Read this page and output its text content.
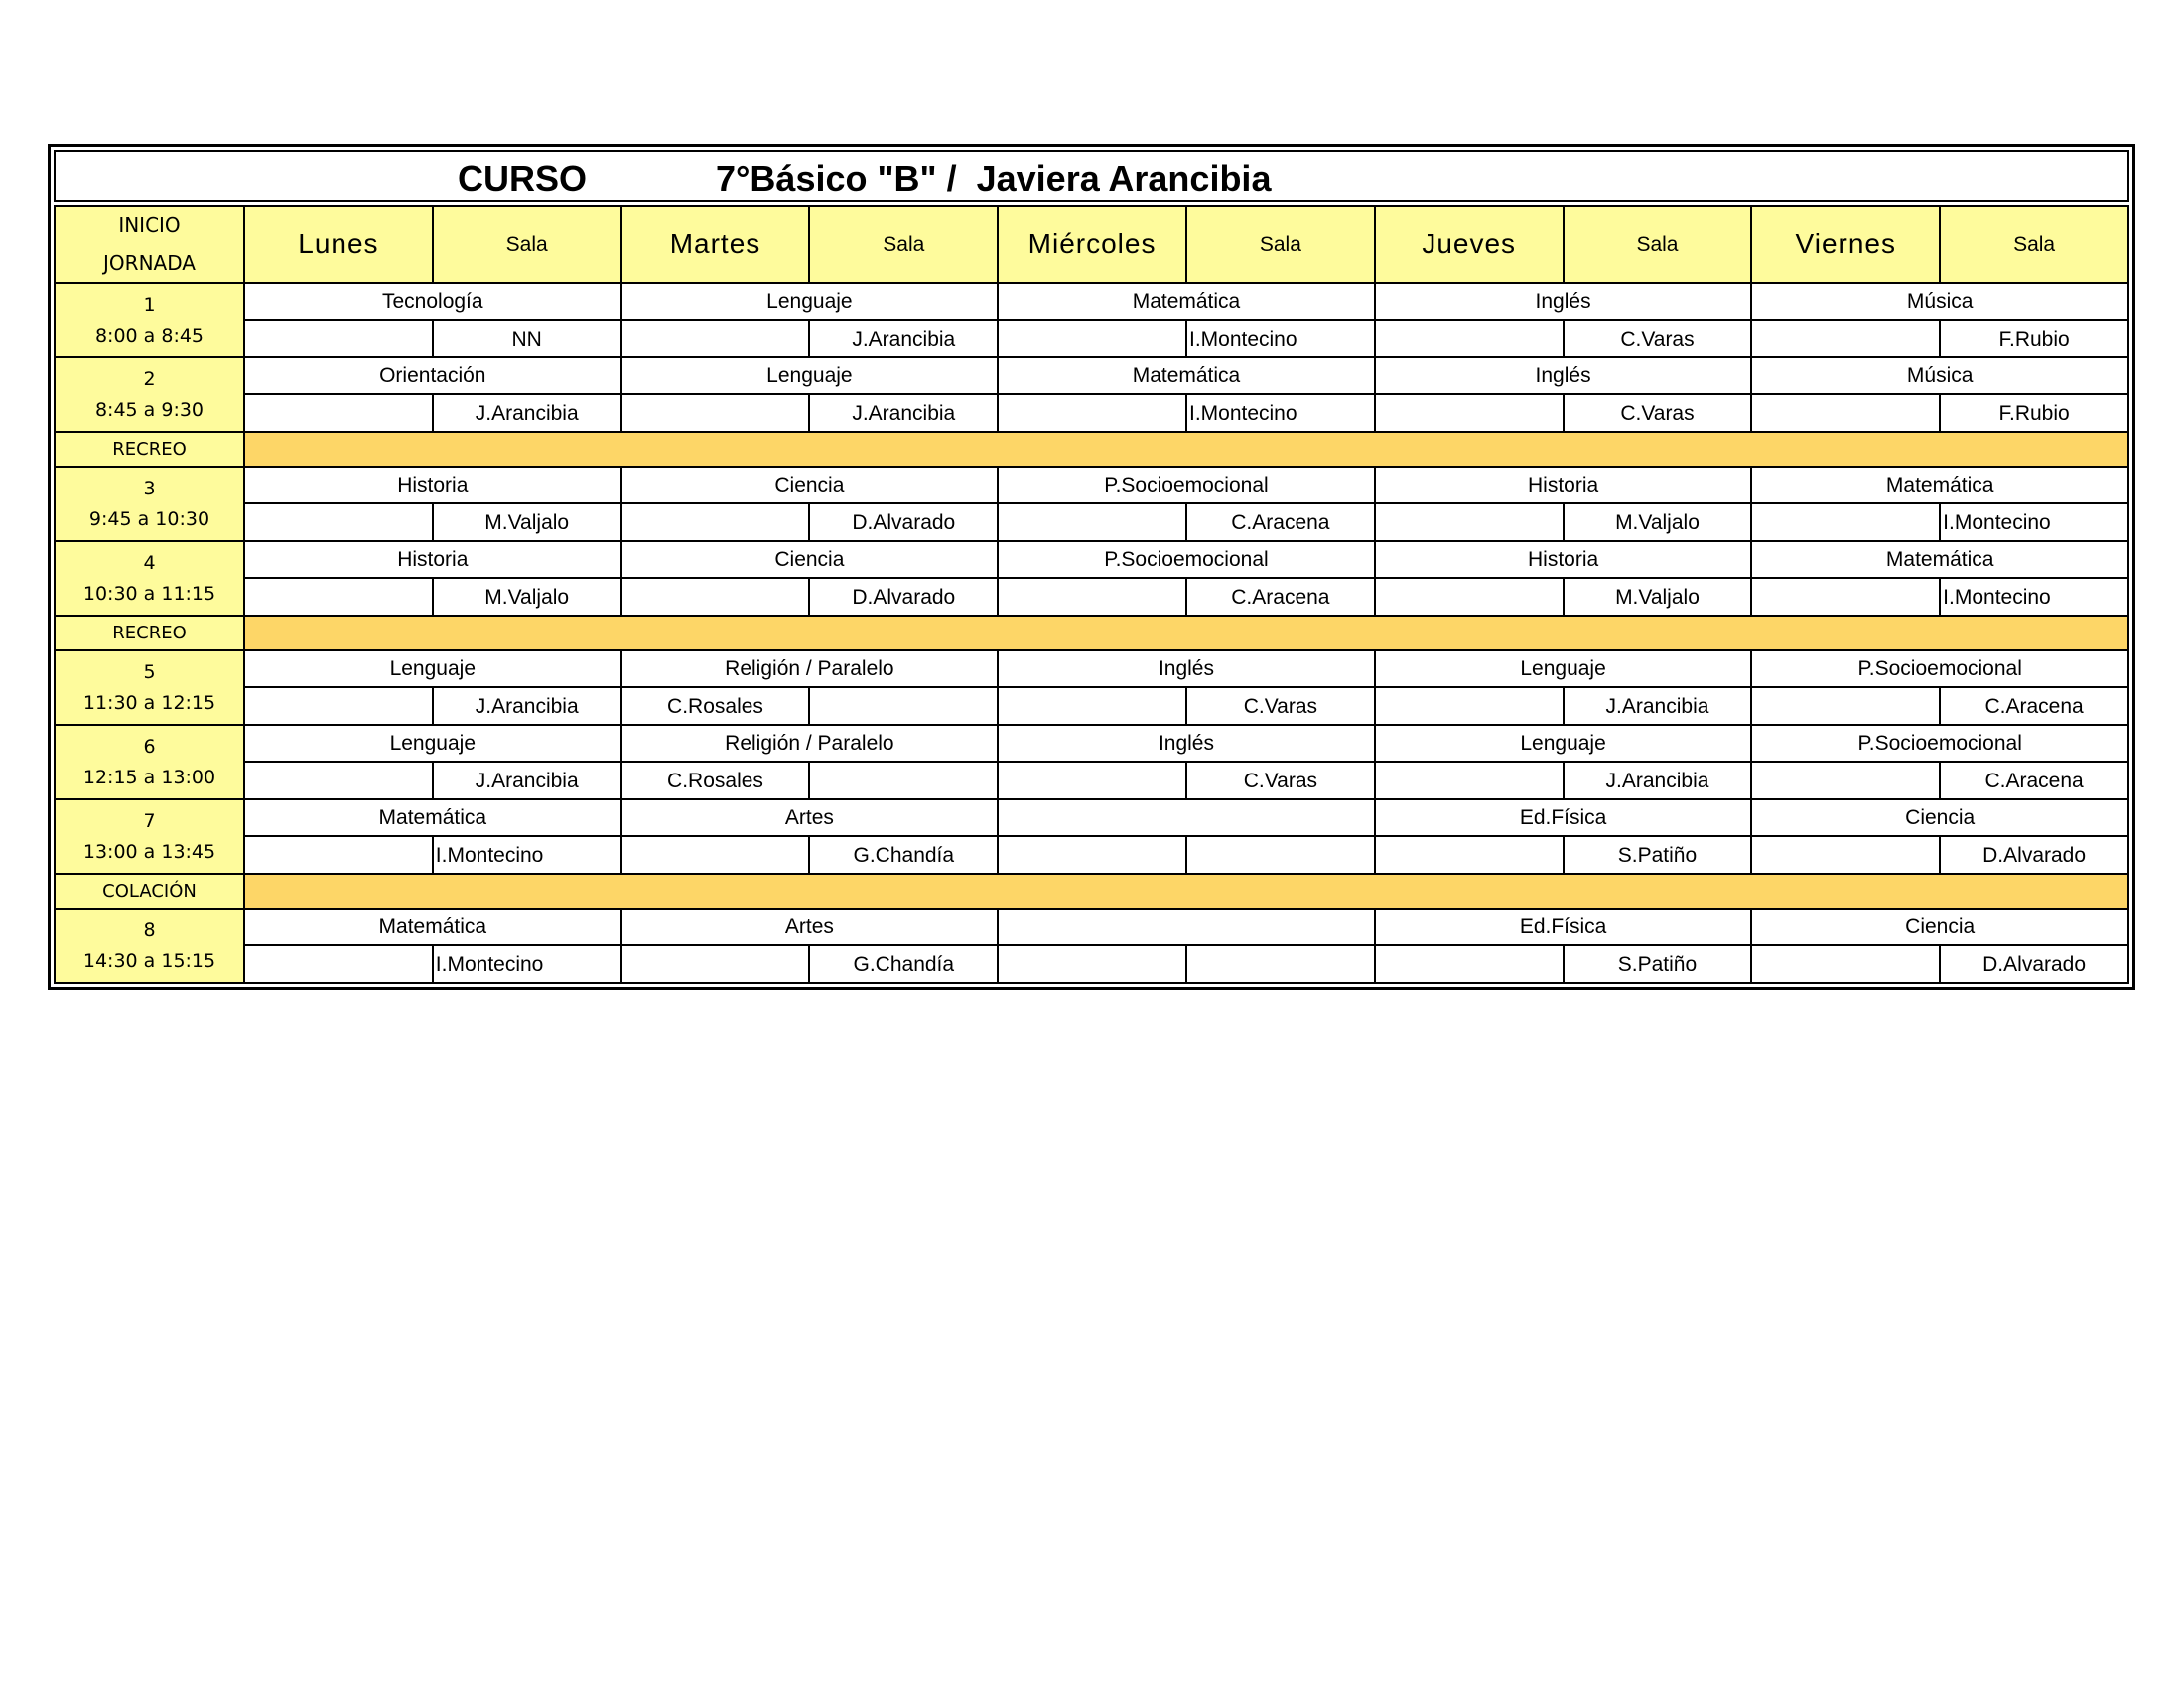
CURSO	7°Básico "B" /  Javiera Arancibia
INICIO
JORNADA	Lunes	Sala	Martes	Sala	Miércoles	Sala	Jueves	Sala	Viernes	Sala

1
8:00 a 8:45	Tecnología		Lenguaje		Matemática		Inglés		Música	
		NN		J.Arancibia		I.Montecino		C.Varas		F.Rubio

2
8:45 a 9:30	Orientación		Lenguaje		Matemática		Inglés		Música	
		J.Arancibia		J.Arancibia		I.Montecino		C.Varas		F.Rubio
RECREO										

3
9:45 a 10:30	Historia		Ciencia		P.Socioemocional		Historia		Matemática	
		M.Valjalo		D.Alvarado		C.Aracena		M.Valjalo		I.Montecino

4
10:30 a 11:15	Historia		Ciencia		P.Socioemocional		Historia		Matemática	
		M.Valjalo		D.Alvarado		C.Aracena		M.Valjalo		I.Montecino
RECREO										

5
11:30 a 12:15	Lenguaje		Religión / Paralelo		Inglés		Lenguaje		P.Socioemocional	
		J.Arancibia	C.Rosales			C.Varas		J.Arancibia		C.Aracena

6
12:15 a 13:00	Lenguaje		Religión / Paralelo		Inglés		Lenguaje		P.Socioemocional	
		J.Arancibia	C.Rosales			C.Varas		J.Arancibia		C.Aracena

7
13:00 a 13:45	Matemática		Artes				Ed.Física		Ciencia	
		I.Montecino		G.Chandía				S.Patiño		D.Alvarado
COLACIÓN										

8
14:30 a 15:15	Matemática		Artes				Ed.Física		Ciencia	
		I.Montecino		G.Chandía				S.Patiño		D.Alvarado
